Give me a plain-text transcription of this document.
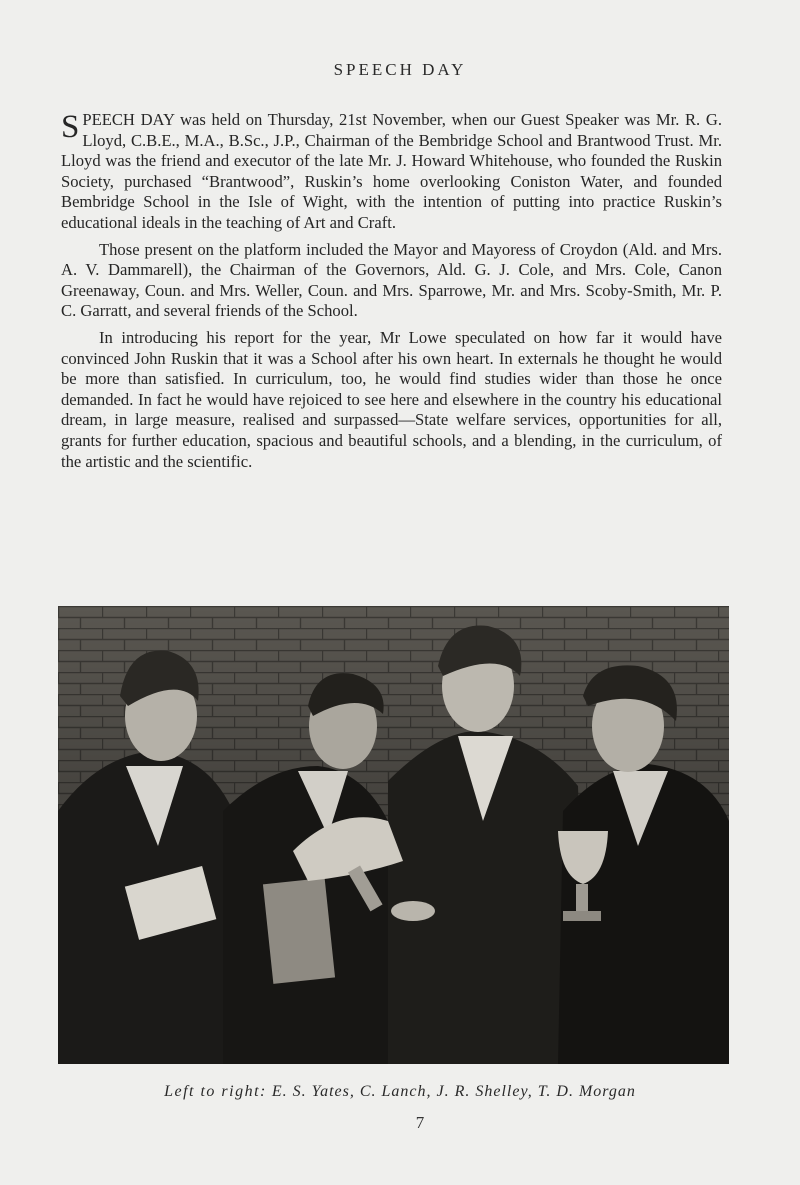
SPEECH DAY

SPEECH DAY was held on Thursday, 21st November, when our Guest Speaker was Mr. R. G. Lloyd, C.B.E., M.A., B.Sc., J.P., Chairman of the Bembridge School and Brantwood Trust. Mr. Lloyd was the friend and executor of the late Mr. J. Howard Whitehouse, who founded the Ruskin Society, purchased “Brantwood”, Ruskin’s home overlooking Coniston Water, and founded Bembridge School in the Isle of Wight, with the intention of putting into practice Ruskin’s educational ideals in the teaching of Art and Craft.

Those present on the platform included the Mayor and Mayoress of Croydon (Ald. and Mrs. A. V. Dammarell), the Chairman of the Governors, Ald. G. J. Cole, and Mrs. Cole, Canon Greenaway, Coun. and Mrs. Weller, Coun. and Mrs. Sparrowe, Mr. and Mrs. Scoby-Smith, Mr. P. C. Garratt, and several friends of the School.

In introducing his report for the year, Mr Lowe speculated on how far it would have convinced John Ruskin that it was a School after his own heart. In externals he thought he would be more than satisfied. In curriculum, too, he would find studies wider than those he once demanded. In fact he would have rejoiced to see here and elsewhere in the country his educational dream, in large measure, realised and surpassed—State welfare services, opportunities for all, grants for further education, spacious and beautiful schools, and a blending, in the curriculum, of the artistic and the scientific.

Left to right: E. S. Yates, C. Lanch, J. R. Shelley, T. D. Morgan
7
